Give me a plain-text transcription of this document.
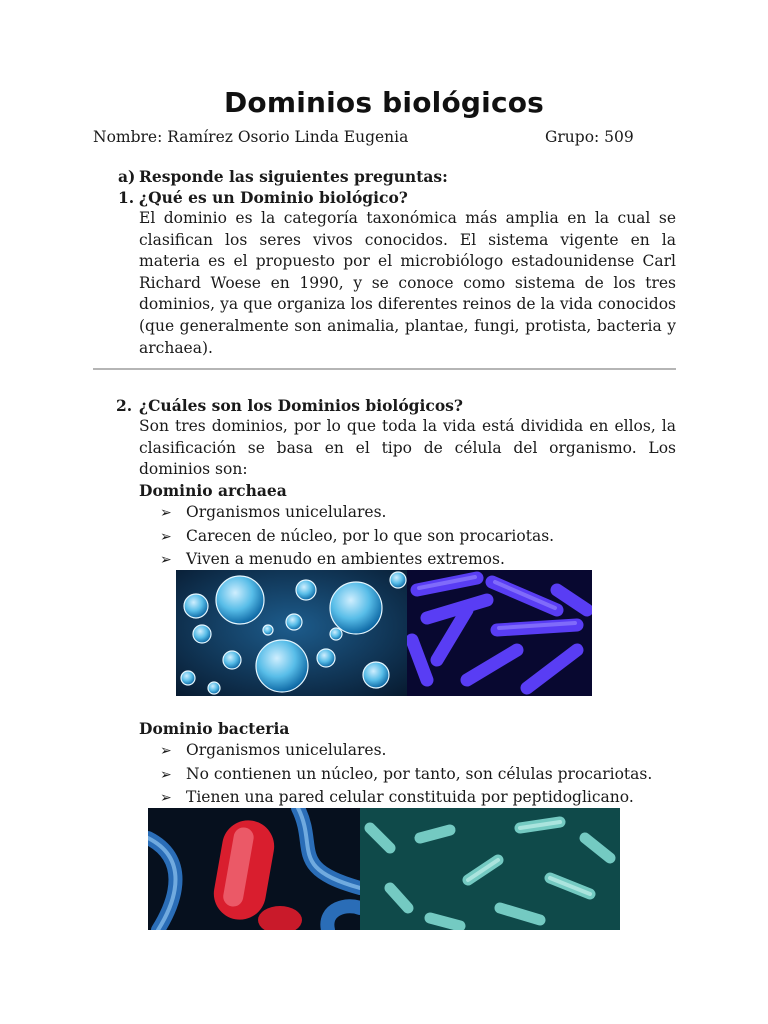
Dominios biológicos
Nombre: Ramírez Osorio Linda Eugenia	Grupo: 509
a) Responde las siguientes preguntas:
1. ¿Qué es un Dominio biológico?
El dominio es la categoría taxonómica más amplia en la cual se clasifican los seres vivos conocidos. El sistema vigente en la materia es el propuesto por el microbiólogo estadounidense Carl Richard Woese en 1990, y se conoce como sistema de los tres dominios, ya que organiza los diferentes reinos de la vida conocidos (que generalmente son animalia, plantae, fungi, protista, bacteria y archaea).
2. ¿Cuáles son los Dominios biológicos?
Son tres dominios, por lo que toda la vida está dividida en ellos, la clasificación se basa en el tipo de célula del organismo. Los dominios son:
Dominio archaea
➢ Organismos unicelulares.
➢ Carecen de núcleo, por lo que son procariotas.
➢ Viven a menudo en ambientes extremos.
Dominio bacteria
➢ Organismos unicelulares.
➢ No contienen un núcleo, por tanto, son células procariotas.
➢ Tienen una pared celular constituida por peptidoglicano.
